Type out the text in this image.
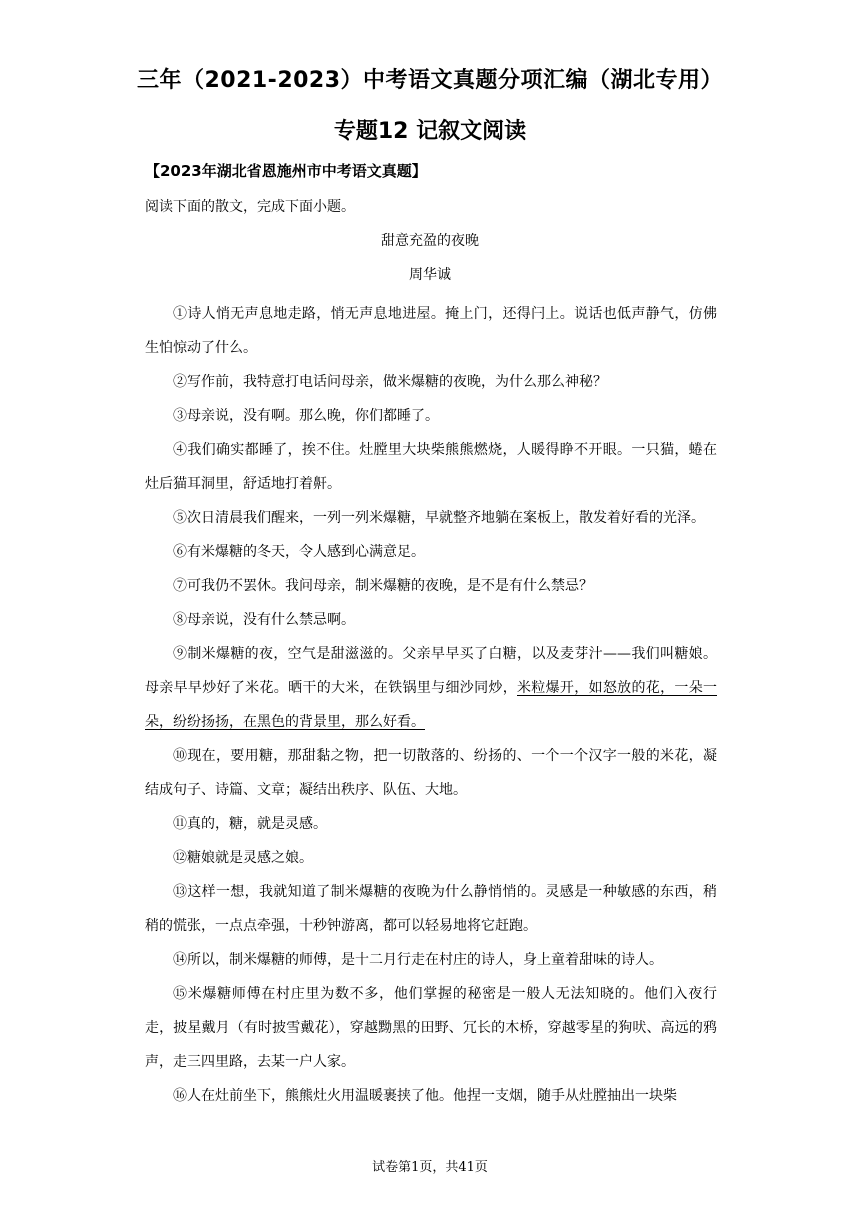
三年（2021-2023）中考语文真题分项汇编（湖北专用）
专题12 记叙文阅读
【2023年湖北省恩施州市中考语文真题】
阅读下面的散文，完成下面小题。
甜意充盈的夜晚
周华诚

①诗人悄无声息地走路，悄无声息地进屋。掩上门，还得闩上。说话也低声静气，仿佛生怕惊动了什么。

②写作前，我特意打电话问母亲，做米爆糖的夜晚，为什么那么神秘？

③母亲说，没有啊。那么晚，你们都睡了。

④我们确实都睡了，挨不住。灶膛里大块柴熊熊燃烧，人暖得睁不开眼。一只猫，蜷在灶后猫耳洞里，舒适地打着鼾。

⑤次日清晨我们醒来，一列一列米爆糖，早就整齐地躺在案板上，散发着好看的光泽。

⑥有米爆糖的冬天，令人感到心满意足。

⑦可我仍不罢休。我问母亲，制米爆糖的夜晚，是不是有什么禁忌？

⑧母亲说，没有什么禁忌啊。

⑨制米爆糖的夜，空气是甜滋滋的。父亲早早买了白糖，以及麦芽汁——我们叫糖娘。母亲早早炒好了米花。晒干的大米，在铁锅里与细沙同炒，米粒爆开，如怒放的花，一朵一朵，纷纷扬扬，在黑色的背景里，那么好看。

⑩现在，要用糖，那甜黏之物，把一切散落的、纷扬的、一个一个汉字一般的米花，凝结成句子、诗篇、文章；凝结出秩序、队伍、大地。

⑪真的，糖，就是灵感。

⑫糖娘就是灵感之娘。

⑬这样一想，我就知道了制米爆糖的夜晚为什么静悄悄的。灵感是一种敏感的东西，稍稍的慌张，一点点牵强，十秒钟游离，都可以轻易地将它赶跑。

⑭所以，制米爆糖的师傅，是十二月行走在村庄的诗人，身上童着甜味的诗人。

⑮米爆糖师傅在村庄里为数不多，他们掌握的秘密是一般人无法知晓的。他们入夜行走，披星戴月（有时披雪戴花），穿越黝黑的田野、冗长的木桥，穿越零星的狗吠、高远的鸦声，走三四里路，去某一户人家。

⑯人在灶前坐下，熊熊灶火用温暖裹挟了他。他捏一支烟，随手从灶膛抽出一块柴

试卷第1页，共41页
